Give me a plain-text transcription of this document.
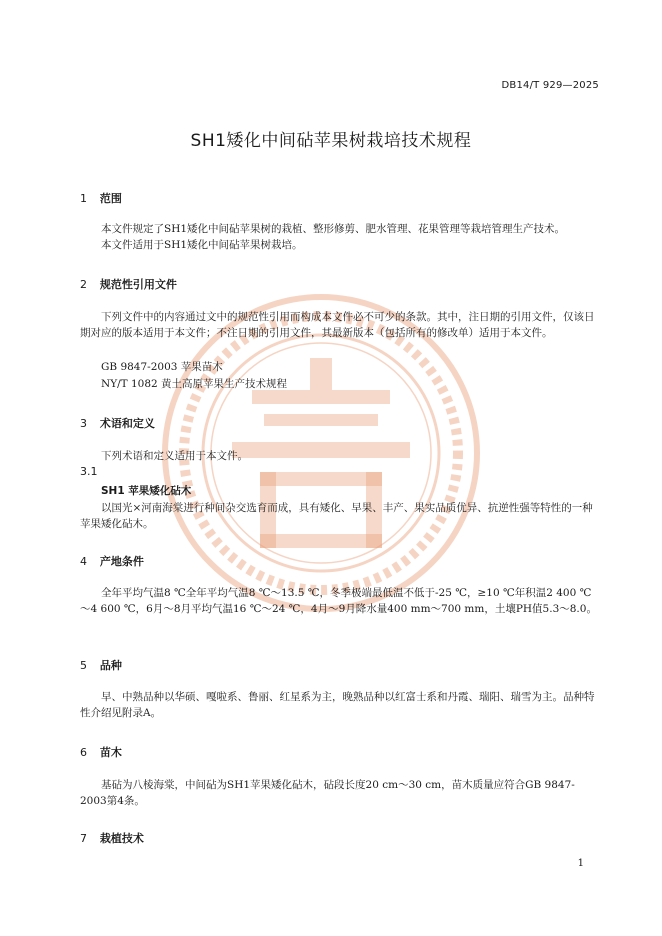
DB14/T 929—2025
SH1矮化中间砧苹果树栽培技术规程
1 范围
本文件规定了SH1矮化中间砧苹果树的栽植、整形修剪、肥水管理、花果管理等栽培管理生产技术。
本文件适用于SH1矮化中间砧苹果树栽培。
2 规范性引用文件
下列文件中的内容通过文中的规范性引用而构成本文件必不可少的条款。其中，注日期的引用文件，仅该日期对应的版本适用于本文件；不注日期的引用文件，其最新版本（包括所有的修改单）适用于本文件。
GB 9847-2003 苹果苗木
NY/T 1082 黄土高原苹果生产技术规程
3 术语和定义
下列术语和定义适用于本文件。
3.1
SH1 苹果矮化砧木
以国光×河南海棠进行种间杂交选育而成，具有矮化、早果、丰产、果实品质优异、抗逆性强等特性的一种苹果矮化砧木。
4 产地条件
全年平均气温8 ℃全年平均气温8 ℃～13.5 ℃，冬季极端最低温不低于-25 ℃，≥10 ℃年积温2 400 ℃～4 600 ℃，6月～8月平均气温16 ℃～24 ℃，4月～9月降水量400 mm～700 mm，土壤PH值5.3～8.0。
5 品种
早、中熟品种以华硕、嘎啦系、鲁丽、红星系为主，晚熟品种以红富士系和丹霞、瑞阳、瑞雪为主。品种特性介绍见附录A。
6 苗木
基砧为八棱海棠，中间砧为SH1苹果矮化砧木，砧段长度20 cm～30 cm，苗木质量应符合GB 9847-2003第4条。
7 栽植技术
1
